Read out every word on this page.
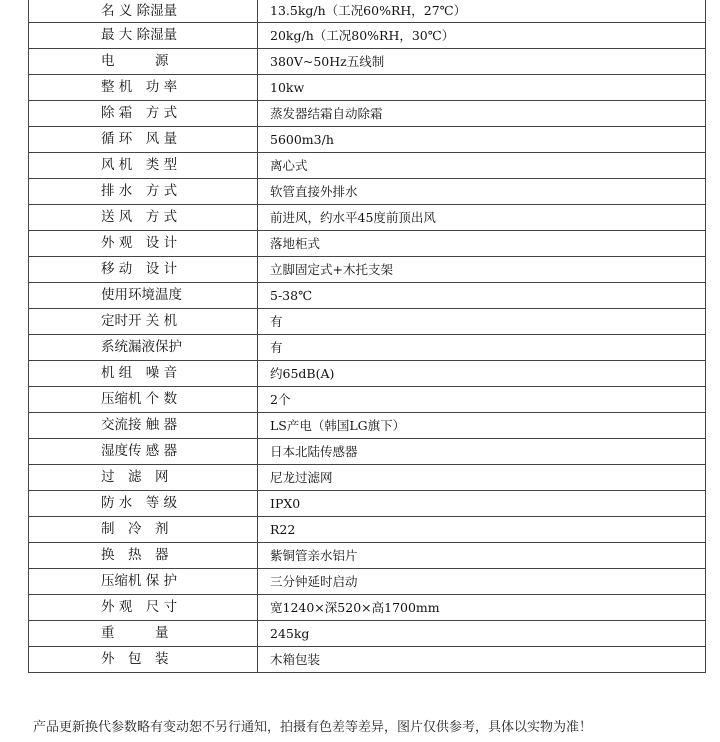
名 义 除湿量	13.5kg/h（工况60%RH，27℃）
最 大 除湿量	20kg/h（工况80%RH，30℃）
电　　　源	380V~50Hz五线制
整 机　功 率	10kw
除 霜　方 式	蒸发器结霜自动除霜
循 环　风 量	5600m3/h
风 机　类 型	离心式
排 水　方 式	软管直接外排水
送 风　方 式	前进风，约水平45度前顶出风
外 观　设 计	落地柜式
移 动　设 计	立脚固定式+木托支架
使用环境温度	5-38℃
定时开 关 机	有
系统漏液保护	有
机 组　噪 音	约65dB(A)
压缩机 个 数	2个
交流接 触 器	LS产电（韩国LG旗下）
湿度传 感 器	日本北陆传感器
过　滤　网	尼龙过滤网
防 水　等 级	IPX0
制　冷　剂	R22
换　热　器	紫铜管亲水铝片
压缩机 保 护	三分钟延时启动
外 观　尺 寸	宽1240×深520×高1700mm
重　　　量	245kg
外　包　装	木箱包装
产品更新换代参数略有变动恕不另行通知，拍摄有色差等差异，图片仅供参考，具体以实物为准！
